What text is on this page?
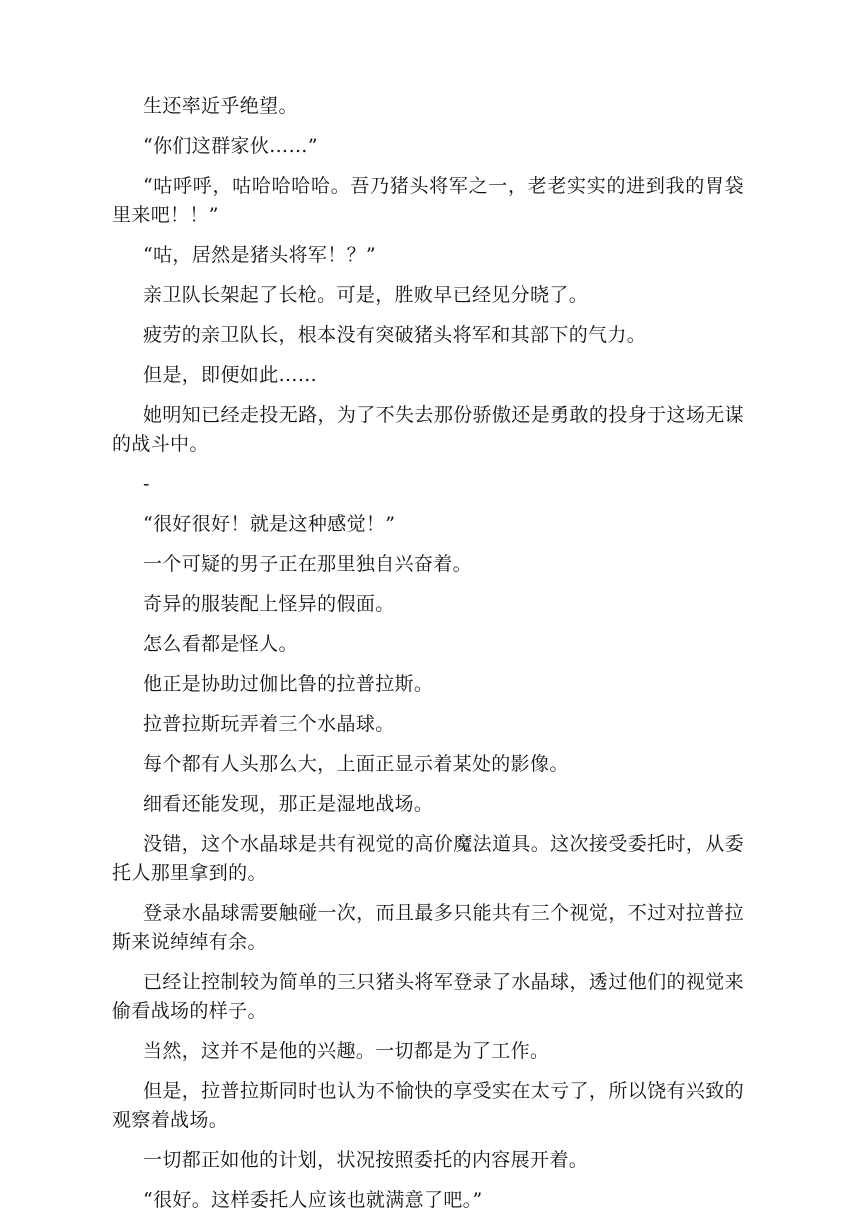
生还率近乎绝望。

“你们这群家伙……”

“咕呼呼，咕哈哈哈哈。吾乃猪头将军之一，老老实实的进到我的胃袋里来吧！！”

“咕，居然是猪头将军！？”

亲卫队长架起了长枪。可是，胜败早已经见分晓了。

疲劳的亲卫队长，根本没有突破猪头将军和其部下的气力。

但是，即便如此……

她明知已经走投无路，为了不失去那份骄傲还是勇敢的投身于这场无谋的战斗中。

-

“很好很好！就是这种感觉！”

一个可疑的男子正在那里独自兴奋着。

奇异的服装配上怪异的假面。

怎么看都是怪人。

他正是协助过伽比鲁的拉普拉斯。

拉普拉斯玩弄着三个水晶球。

每个都有人头那么大，上面正显示着某处的影像。

细看还能发现，那正是湿地战场。

没错，这个水晶球是共有视觉的高价魔法道具。这次接受委托时，从委托人那里拿到的。

登录水晶球需要触碰一次，而且最多只能共有三个视觉，不过对拉普拉斯来说绰绰有余。

已经让控制较为简单的三只猪头将军登录了水晶球，透过他们的视觉来偷看战场的样子。

当然，这并不是他的兴趣。一切都是为了工作。

但是，拉普拉斯同时也认为不愉快的享受实在太亏了，所以饶有兴致的观察着战场。

一切都正如他的计划，状况按照委托的内容展开着。

“很好。这样委托人应该也就满意了吧。”
